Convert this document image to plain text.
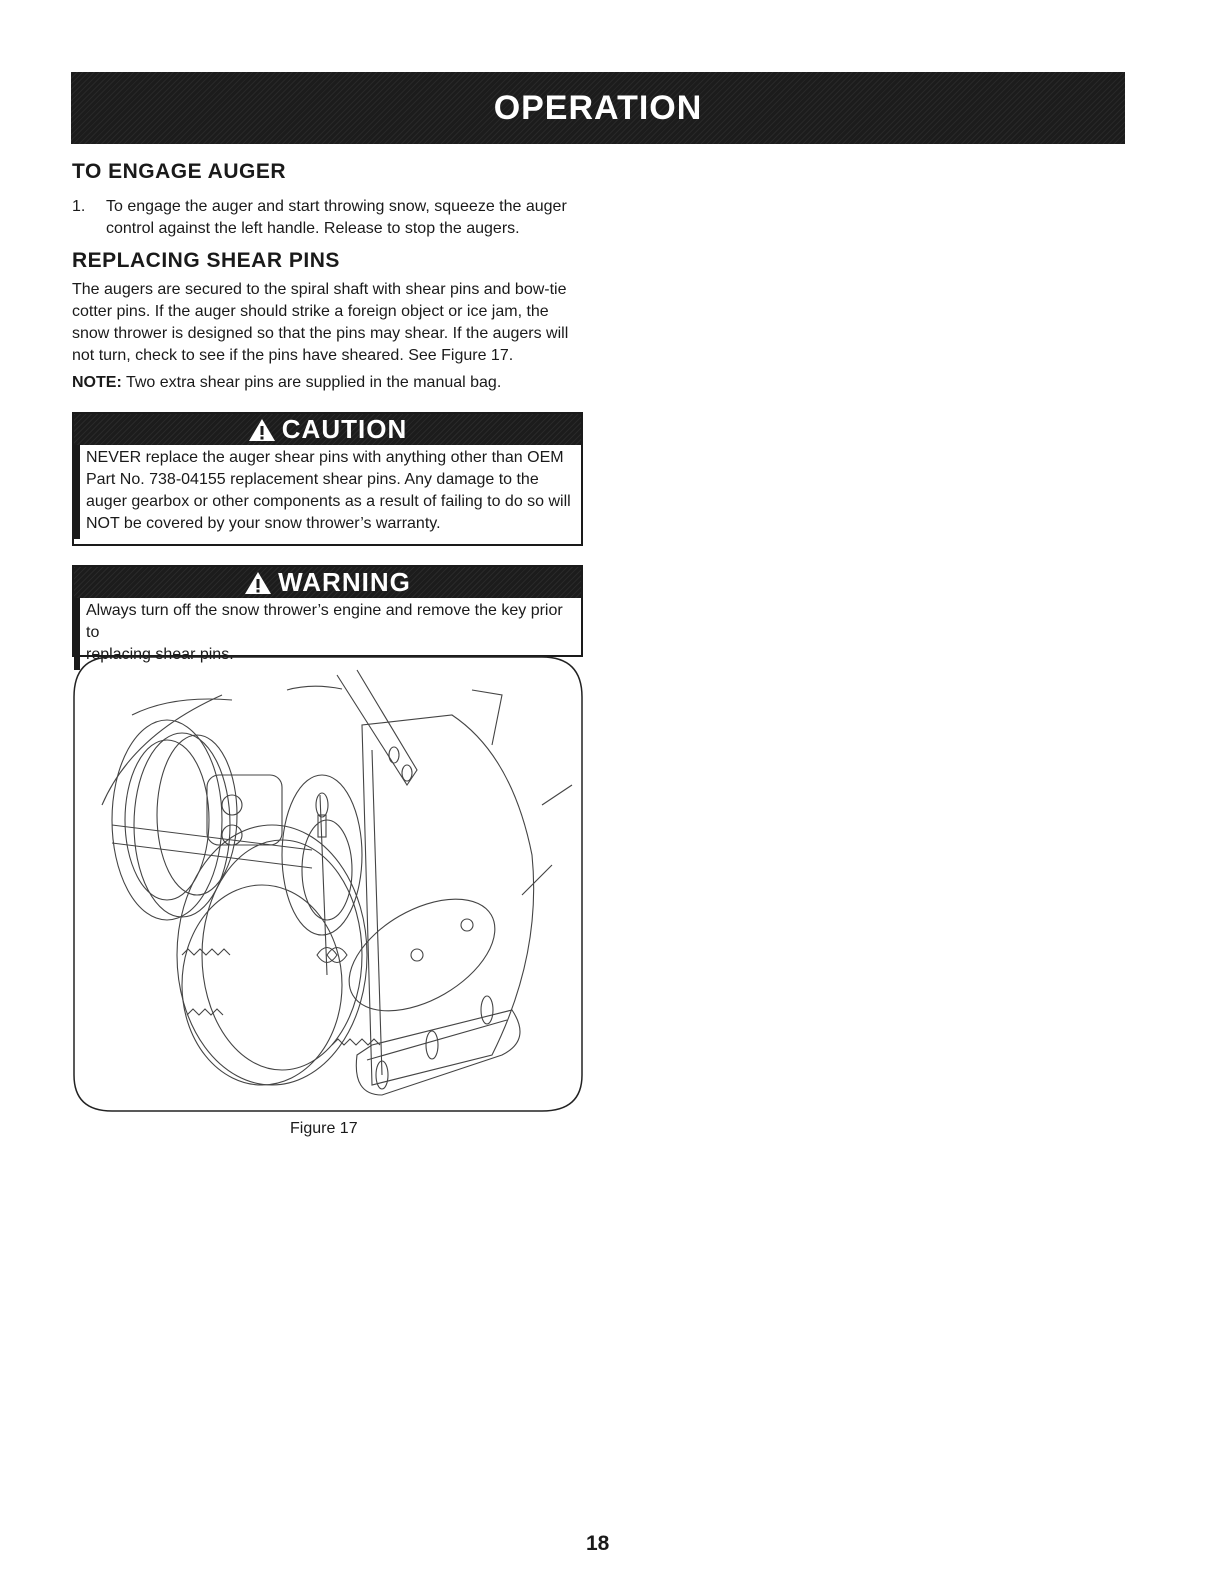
OPERATION
TO ENGAGE AUGER
1. To engage the auger and start throwing snow, squeeze the auger
control against the left handle. Release to stop the augers.
REPLACING SHEAR PINS
The augers are secured to the spiral shaft with shear pins and bow-tie
cotter pins. If the auger should strike a foreign object or ice jam, the
snow thrower is designed so that the pins may shear. If the augers will
not turn, check to see if the pins have sheared. See Figure 17.
NOTE: Two extra shear pins are supplied in the manual bag.
CAUTION
NEVER replace the auger shear pins with anything other than OEM
Part No. 738-04155 replacement shear pins. Any damage to the
auger gearbox or other components as a result of failing to do so will
NOT be covered by your snow thrower’s warranty.
WARNING
Always turn off the snow thrower’s engine and remove the key prior to
replacing shear pins.
Figure 17
18
